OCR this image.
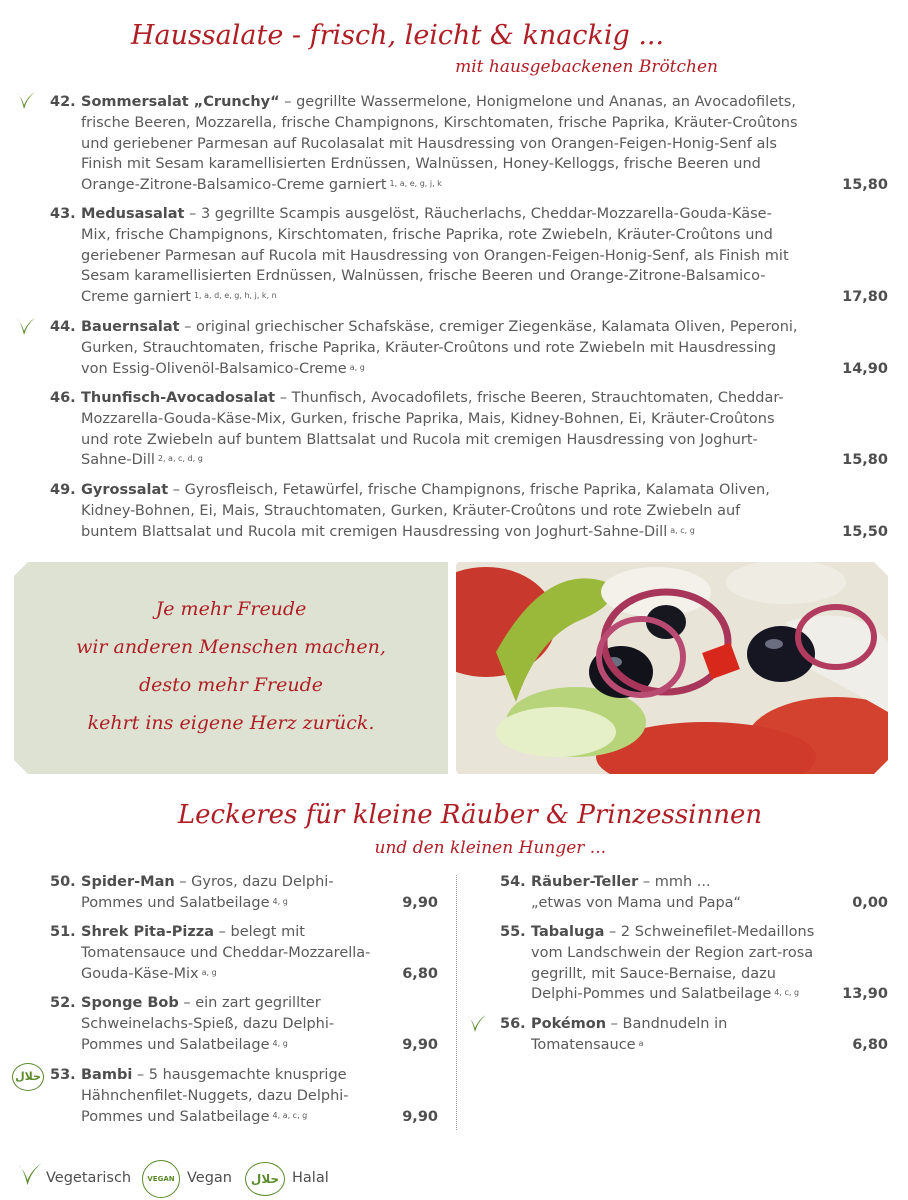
Haussalate - frisch, leicht & knackig ...
mit hausgebackenen Brötchen
42. Sommersalat „Crunchy“ – gegrillte Wassermelone, Honigmelone und Ananas, an Avocadofilets, frische Beeren, Mozzarella, frische Champignons, Kirschtomaten, frische Paprika, Kräuter-Croûtons und geriebener Parmesan auf Rucolasalat mit Hausdressing von Orangen-Feigen-Honig-Senf als Finish mit Sesam karamellisierten Erdnüssen, Walnüssen, Honey-Kelloggs, frische Beeren und Orange-Zitrone-Balsamico-Creme garniert $^{1, a, e, g, j, k}$	15,80
43. Medusasalat – 3 gegrillte Scampis ausgelöst, Räucherlachs, Cheddar-Mozzarella-Gouda-Käse-Mix, frische Champignons, Kirschtomaten, frische Paprika, rote Zwiebeln, Kräuter-Croûtons und geriebener Parmesan auf Rucola mit Hausdressing von Orangen-Feigen-Honig-Senf, als Finish mit Sesam karamellisierten Erdnüssen, Walnüssen, frische Beeren und Orange-Zitrone-Balsamico-Creme garniert $^{1, a, d, e, g, h, j, k, n}$	17,80
44. Bauernsalat – original griechischer Schafskäse, cremiger Ziegenkäse, Kalamata Oliven, Peperoni, Gurken, Strauchtomaten, frische Paprika, Kräuter-Croûtons und rote Zwiebeln mit Hausdressing von Essig-Olivenöl-Balsamico-Creme $^{a, g}$	14,90
46. Thunfisch-Avocadosalat – Thunfisch, Avocadofilets, frische Beeren, Strauchtomaten, Cheddar-Mozzarella-Gouda-Käse-Mix, Gurken, frische Paprika, Mais, Kidney-Bohnen, Ei, Kräuter-Croûtons und rote Zwiebeln auf buntem Blattsalat und Rucola mit cremigen Hausdressing von Joghurt-Sahne-Dill $^{2, a, c, d, g}$	15,80
49. Gyrossalat – Gyrosfleisch, Fetawürfel, frische Champignons, frische Paprika, Kalamata Oliven, Kidney-Bohnen, Ei, Mais, Strauchtomaten, Gurken, Kräuter-Croûtons und rote Zwiebeln auf buntem Blattsalat und Rucola mit cremigen Hausdressing von Joghurt-Sahne-Dill $^{a, c, g}$	15,50
Je mehr Freude
wir anderen Menschen machen,
desto mehr Freude
kehrt ins eigene Herz zurück.
Leckeres für kleine Räuber & Prinzessinnen
und den kleinen Hunger ...
50. Spider-Man – Gyros, dazu Delphi-Pommes und Salatbeilage $^{4, g}$	9,90
51. Shrek Pita-Pizza – belegt mit Tomatensauce und Cheddar-Mozzarella-Gouda-Käse-Mix $^{a, g}$	6,80
52. Sponge Bob – ein zart gegrillter Schweinelachs-Spieß, dazu Delphi-Pommes und Salatbeilage $^{4, g}$	9,90
حلال 53. Bambi – 5 hausgemachte knusprige Hähnchenfilet-Nuggets, dazu Delphi-Pommes und Salatbeilage $^{4, a, c, g}$	9,90
54. Räuber-Teller – mmh ... „etwas von Mama und Papa“	0,00
55. Tabaluga – 2 Schweinefilet-Medaillons vom Landschwein der Region zart-rosa gegrillt, mit Sauce-Bernaise, dazu Delphi-Pommes und Salatbeilage $^{4, c, g}$	13,90
56. Pokémon – Bandnudeln in Tomatensauce $^a$	6,80
Vegetarisch	VEGAN Vegan	حلال Halal
